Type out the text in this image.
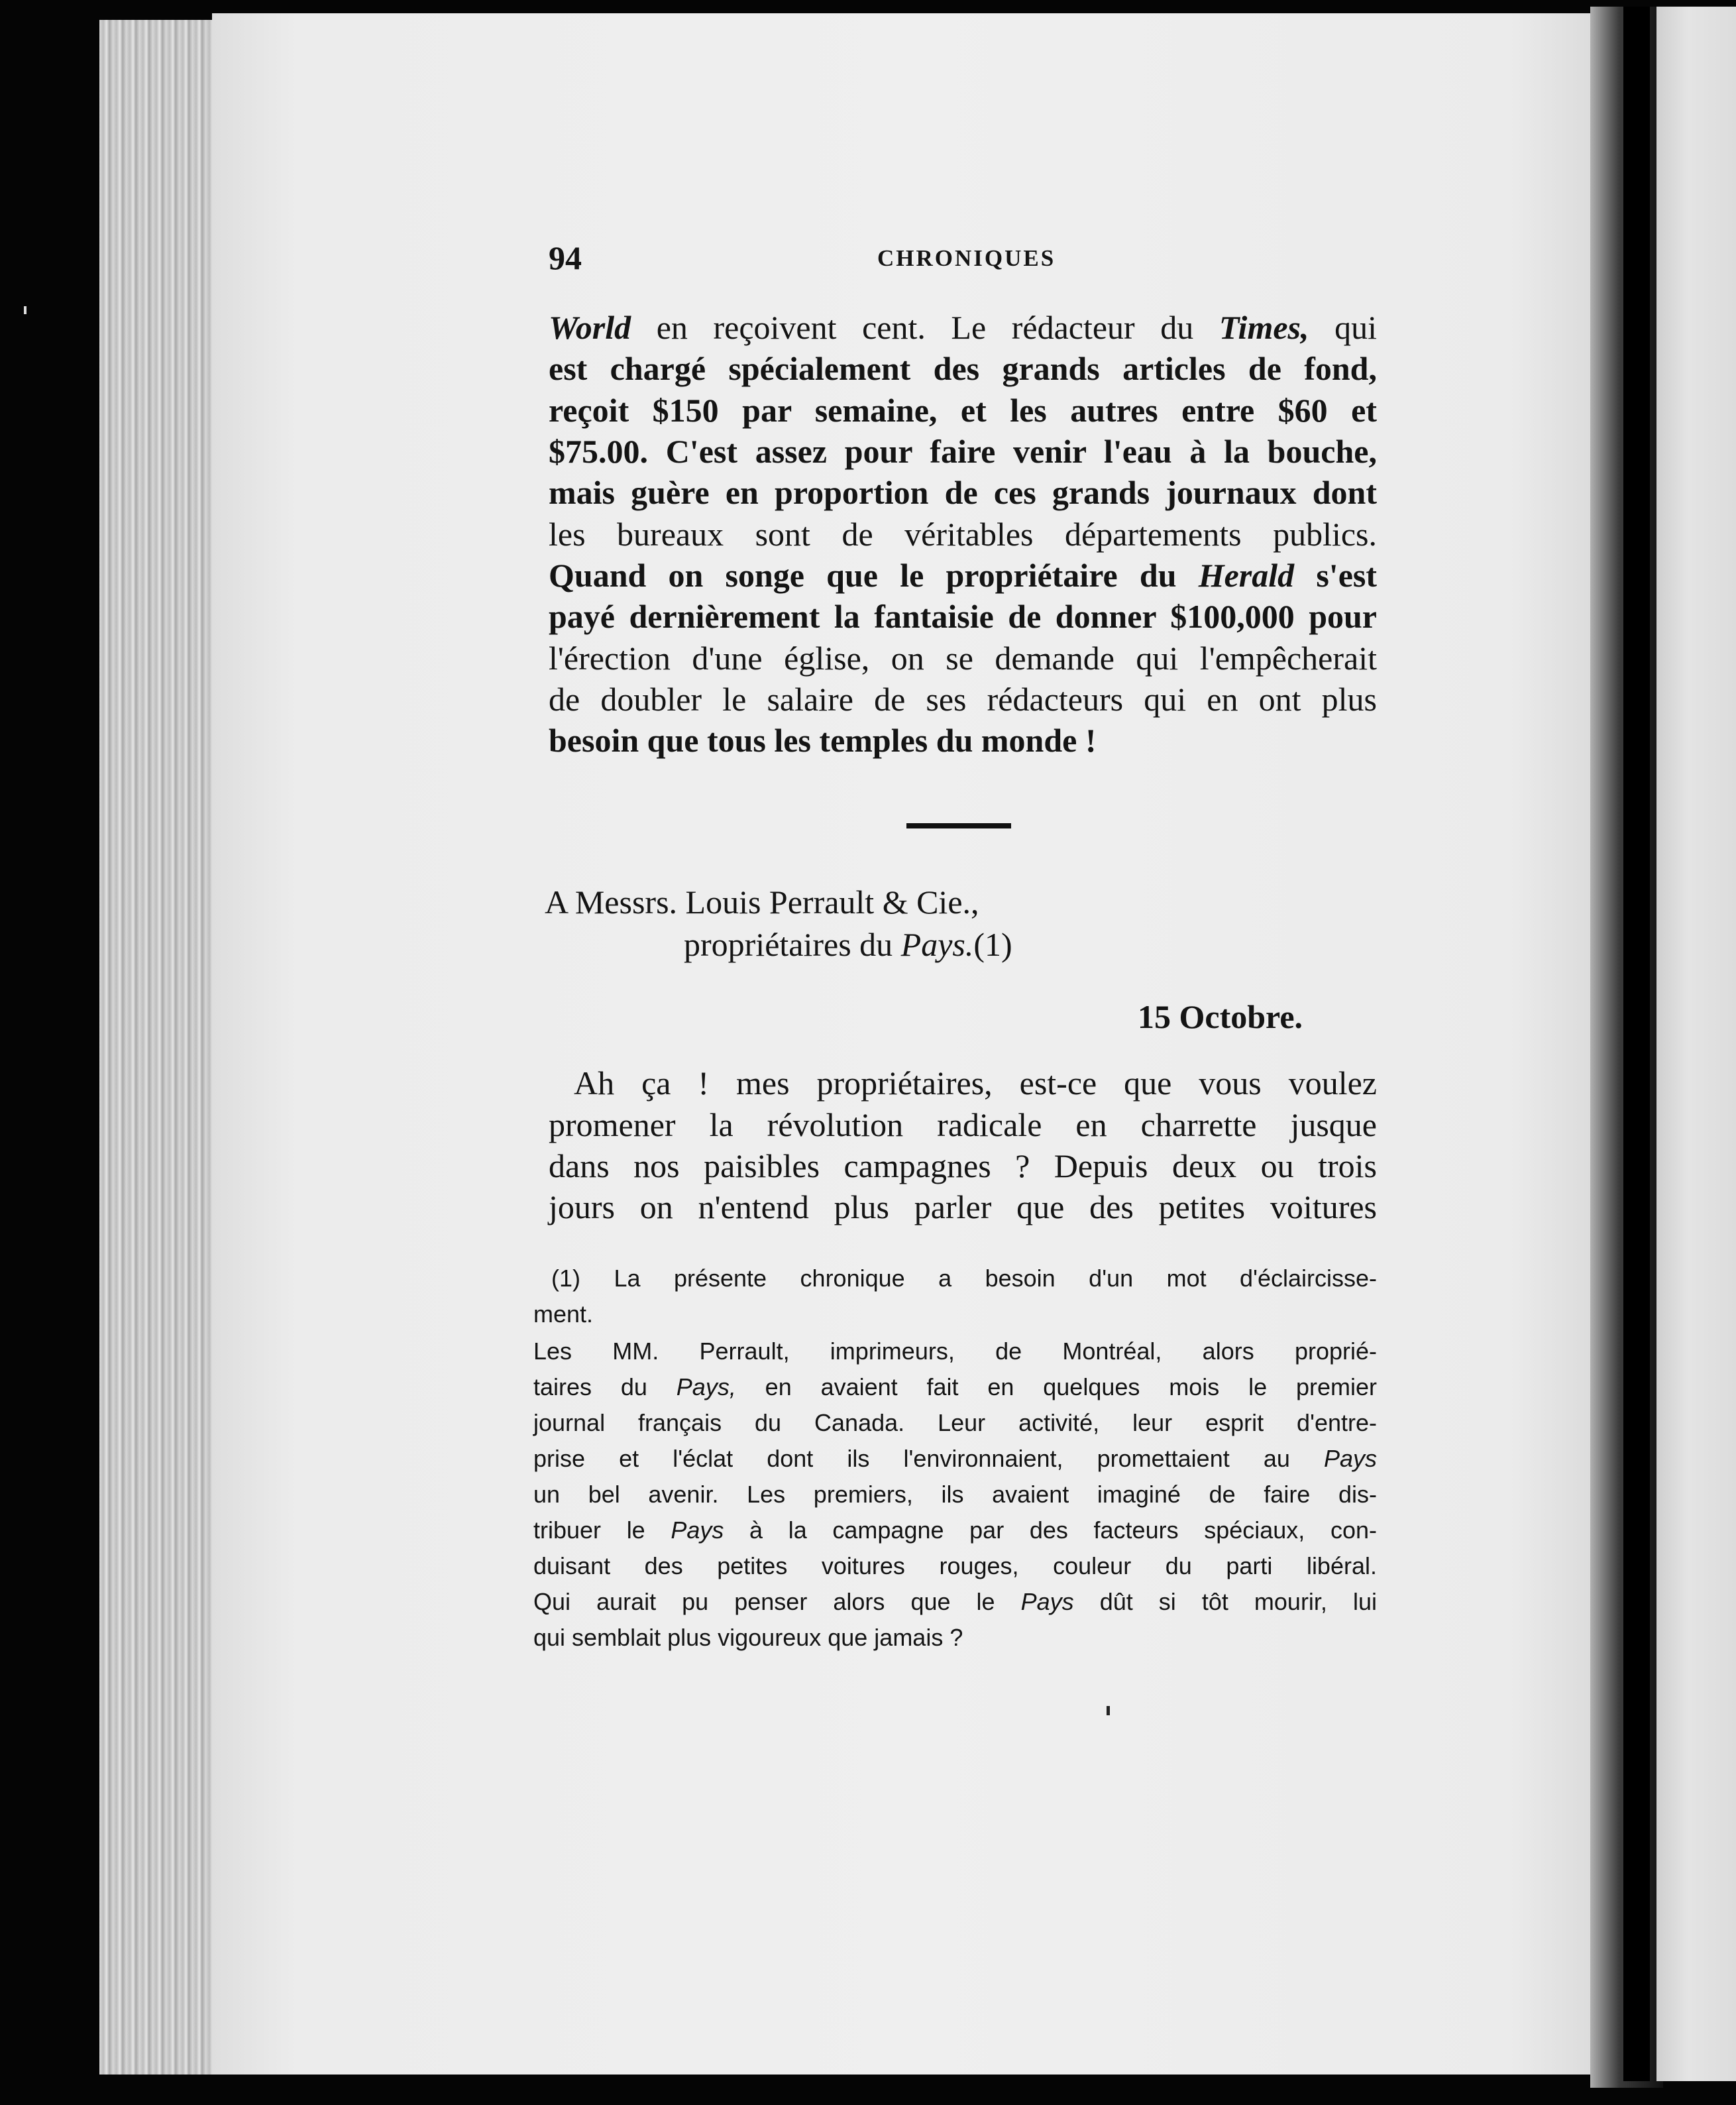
94	CHRONIQUES
World en reçoivent cent. Le rédacteur du Times, qui
est chargé spécialement des grands articles de fond,
reçoit $150 par semaine, et les autres entre $60 et
$75.00. C'est assez pour faire venir l'eau à la bouche,
mais guère en proportion de ces grands journaux dont
les bureaux sont de véritables départements publics.
Quand on songe que le propriétaire du Herald s'est
payé dernièrement la fantaisie de donner $100,000 pour
l'érection d'une église, on se demande qui l'empêcherait
de doubler le salaire de ses rédacteurs qui en ont plus
besoin que tous les temples du monde !
A Messrs. Louis Perrault & Cie.,
propriétaires du Pays.(1)
15 Octobre.
Ah ça ! mes propriétaires, est-ce que vous voulez
promener la révolution radicale en charrette jusque
dans nos paisibles campagnes ? Depuis deux ou trois
jours on n'entend plus parler que des petites voitures
(1) La présente chronique a besoin d'un mot d'éclaircisse-
ment.
Les MM. Perrault, imprimeurs, de Montréal, alors proprié-
taires du Pays, en avaient fait en quelques mois le premier
journal français du Canada. Leur activité, leur esprit d'entre-
prise et l'éclat dont ils l'environnaient, promettaient au Pays
un bel avenir. Les premiers, ils avaient imaginé de faire dis-
tribuer le Pays à la campagne par des facteurs spéciaux, con-
duisant des petites voitures rouges, couleur du parti libéral.
Qui aurait pu penser alors que le Pays dût si tôt mourir, lui
qui semblait plus vigoureux que jamais ?
